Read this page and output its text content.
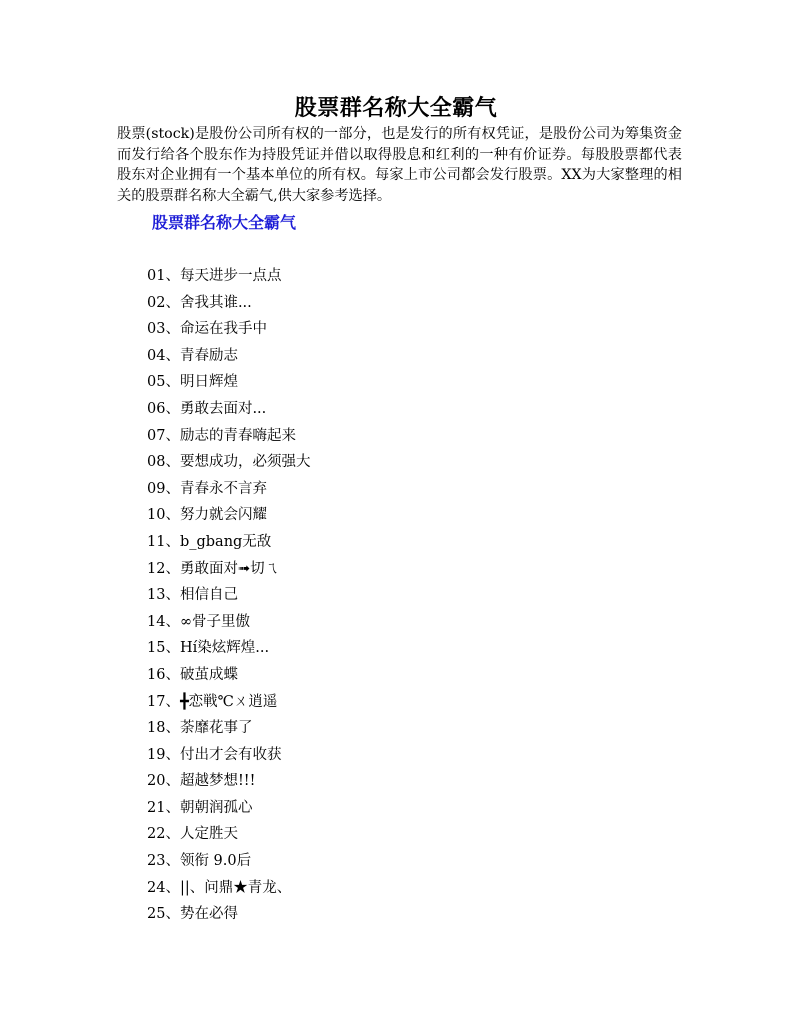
股票群名称大全霸气
股票(stock)是股份公司所有权的一部分，也是发行的所有权凭证，是股份公司为筹集资金而发行给各个股东作为持股凭证并借以取得股息和红利的一种有价证券。每股股票都代表股东对企业拥有一个基本单位的所有权。每家上市公司都会发行股票。XX为大家整理的相关的股票群名称大全霸气,供大家参考选择。
股票群名称大全霸气
01、每天进步一点点
02、舍我其谁...
03、命运在我手中
04、青春励志
05、明日辉煌
06、勇敢去面对...
07、励志的青春嗨起来
08、要想成功，必须强大
09、青春永不言弃
10、努力就会闪耀
11、b_gbang无敌
12、勇敢面对➟切ㄟ
13、相信自己
14、∞骨子里傲
15、Hí染炫辉煌...
16、破茧成蝶
17、╋恋戦℃ㄨ逍遥
18、荼靡花事了
19、付出才会有收获
20、超越梦想!!!
21、朝朝润孤心
22、人定胜天
23、领衔 9.0后
24、||、问鼎★青龙、
25、势在必得
